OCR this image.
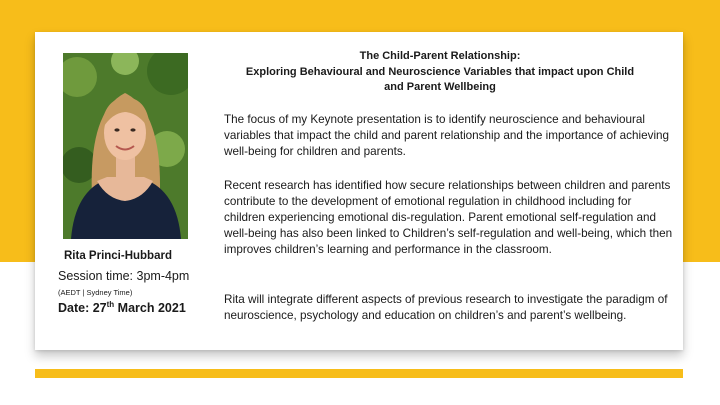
Rita Princi-Hubbard
Session time: 3pm-4pm
(AEDT | Sydney Time)
Date: 27th March 2021
The Child-Parent Relationship:
Exploring Behavioural and Neuroscience Variables that impact upon Child
and Parent Wellbeing

The focus of my Keynote presentation is to identify neuroscience and behavioural variables that impact the child and parent relationship and the importance of achieving well-being for children and parents.

Recent research has identified how secure relationships between children and parents contribute to the development of emotional regulation in childhood including for children experiencing emotional dis-regulation. Parent emotional self-regulation and well-being has also been linked to Children’s self-regulation and well-being, which then improves children’s learning and performance in the classroom.

Rita will integrate different aspects of previous research to investigate the paradigm of neuroscience, psychology and education on children’s and parent’s wellbeing.
